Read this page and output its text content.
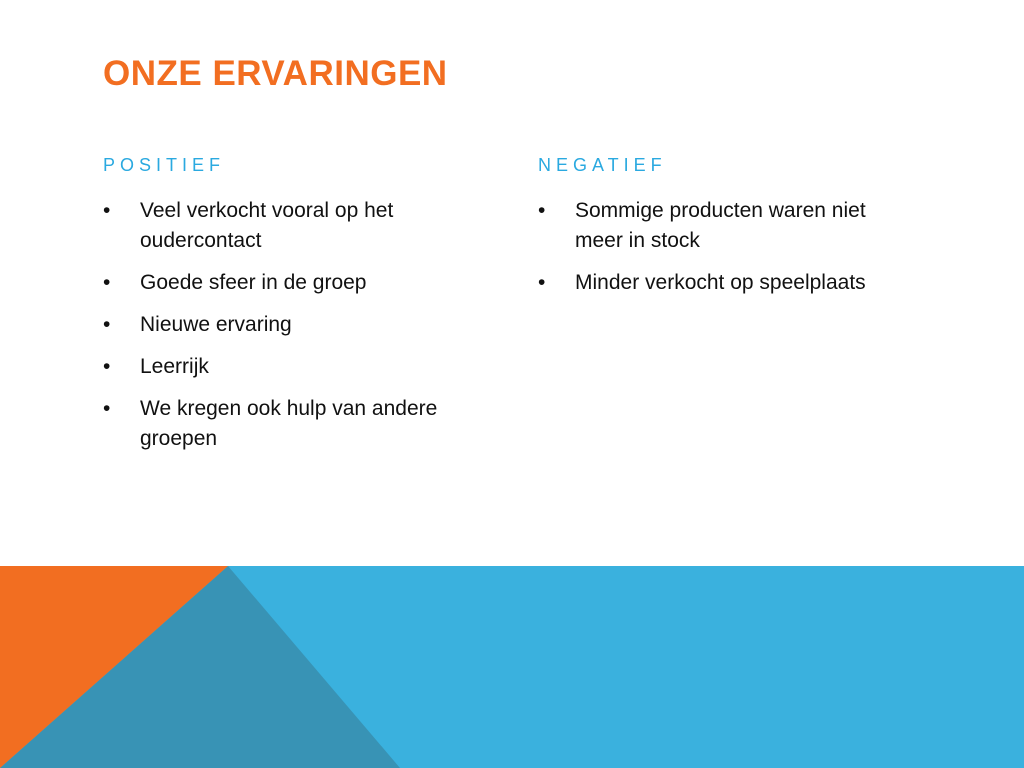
ONZE ERVARINGEN
POSITIEF
• Veel verkocht vooral op het oudercontact
• Goede sfeer in de groep
• Nieuwe ervaring
• Leerrijk
• We kregen ook hulp van andere groepen
NEGATIEF
• Sommige producten waren niet meer in stock
• Minder verkocht op speelplaats
